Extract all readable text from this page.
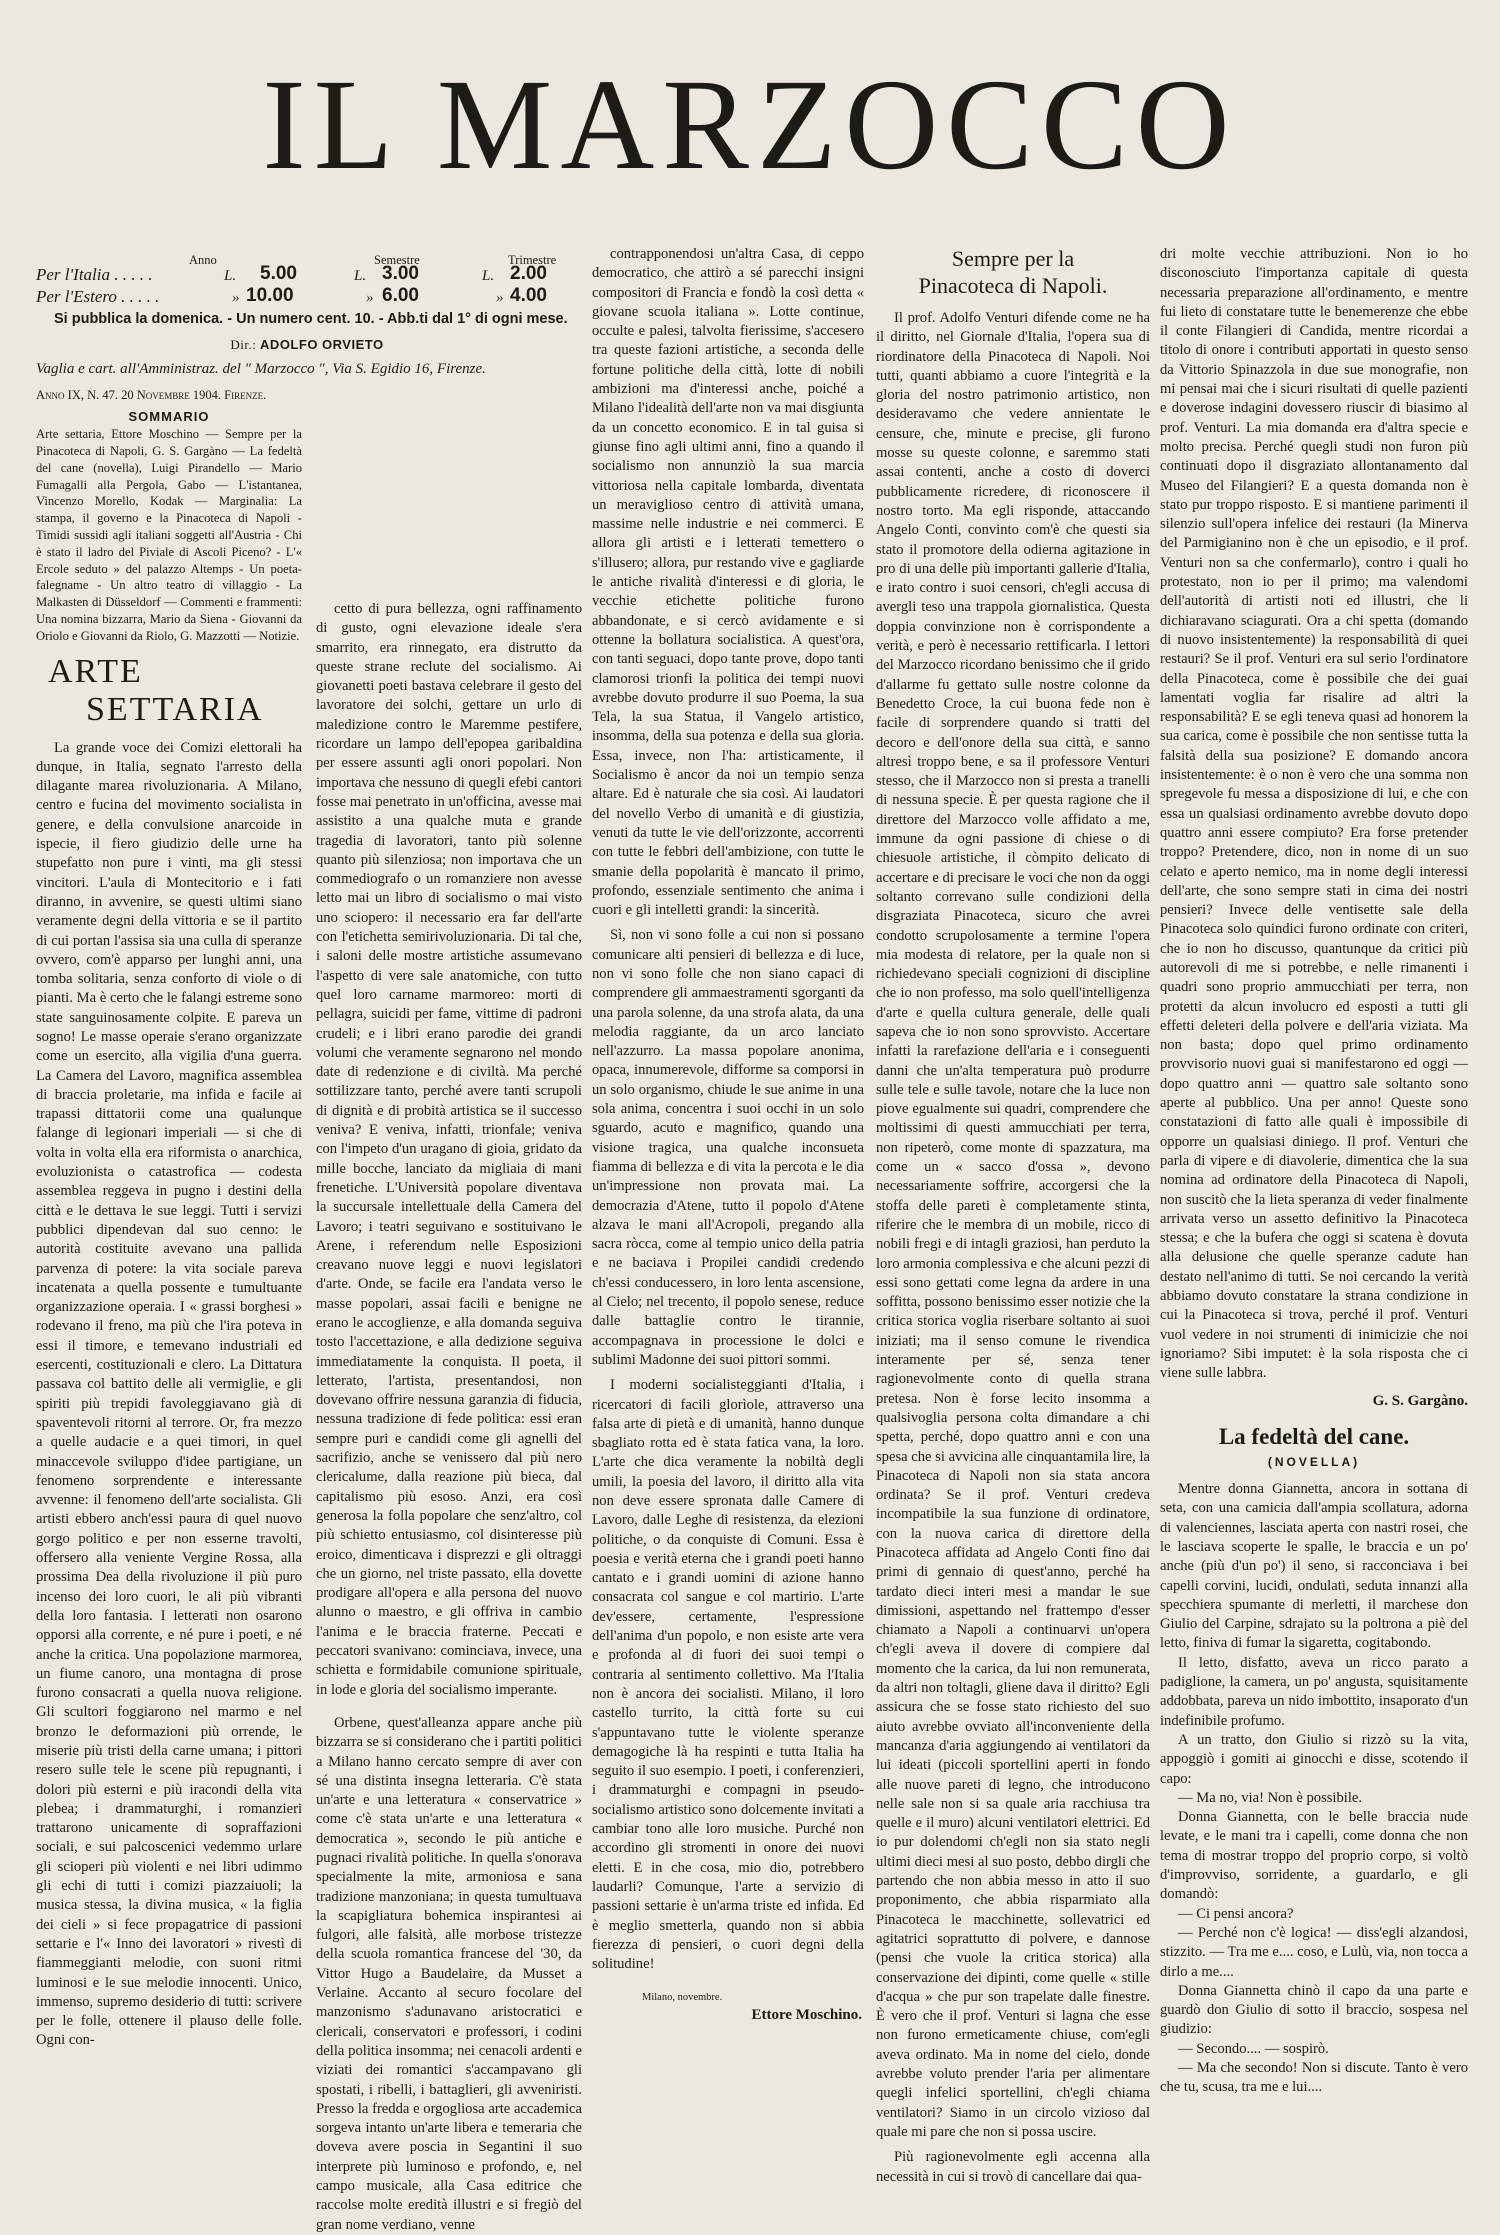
IL MARZOCCO
Anno	Semestre	Trimestre
Per l'Italia . . . . .	L. 5.00	L. 3.00	L. 2.00
Per l'Estero . . . . .	» 10.00	» 6.00	» 4.00
Si pubblica la domenica. - Un numero cent. 10. - Abb.ti dal 1° di ogni mese.
Dir.: ADOLFO ORVIETO
Vaglia e cart. all'Amministraz. del " Marzocco ", Via S. Egidio 16, Firenze.
Anno IX, N. 47. 20 Novembre 1904. Firenze.
SOMMARIO
Arte settaria, Ettore Moschino — Sempre per la Pinacoteca di Napoli, G. S. Gargàno — La fedeltà del cane (novella), Luigi Pirandello — Mario Fumagalli alla Pergola, Gabo — L'istantanea, Vincenzo Morello, Kodak — Marginalia: La stampa, il governo e la Pinacoteca di Napoli - Timidi sussidi agli italiani soggetti all'Austria - Chi è stato il ladro del Piviale di Ascoli Piceno? - L'« Ercole seduto » del palazzo Altemps - Un poeta-falegname - Un altro teatro di villaggio - La Malkasten di Düsseldorf — Commenti e frammenti: Una nomina bizzarra, Mario da Siena - Giovanni da Oriolo e Giovanni da Riolo, G. Mazzotti — Notizie.
ARTE
SETTARIA

La grande voce dei Comizi elettorali ha dunque, in Italia, segnato l'arresto della dilagante marea rivoluzionaria. A Milano, centro e fucina del movimento socialista in genere, e della convulsione anarcoide in ispecie, il fiero giudizio delle urne ha stupefatto non pure i vinti, ma gli stessi vincitori. L'aula di Montecitorio e i fati diranno, in avvenire, se questi ultimi siano veramente degni della vittoria e se il partito di cui portan l'assisa sia una culla di speranze ovvero, com'è apparso per lunghi anni, una tomba solitaria, senza conforto di viole o di pianti. Ma è certo che le falangi estreme sono state sanguinosamente colpite. E pareva un sogno! Le masse operaie s'erano organizzate come un esercito, alla vigilia d'una guerra. La Camera del Lavoro, magnifica assemblea di braccia proletarie, ma infida e facile ai trapassi dittatorii come una qualunque falange di legionari imperiali — si che di volta in volta ella era riformista o anarchica, evoluzionista o catastrofica — codesta assemblea reggeva in pugno i destini della città e le dettava le sue leggi. Tutti i servizi pubblici dipendevan dal suo cenno: le autorità costituite avevano una pallida parvenza di potere: la vita sociale pareva incatenata a quella possente e tumultuante organizzazione operaia. I « grassi borghesi » rodevano il freno, ma più che l'ira poteva in essi il timore, e temevano industriali ed esercenti, costituzionali e clero. La Dittatura passava col battito delle ali vermiglie, e gli spiriti più trepidi favoleggiavano già di spaventevoli ritorni al terrore. Or, fra mezzo a quelle audacie e a quei timori, in quel minaccevole sviluppo d'idee partigiane, un fenomeno sorprendente e interessante avvenne: il fenomeno dell'arte socialista. Gli artisti ebbero anch'essi paura di quel nuovo gorgo politico e per non esserne travolti, offersero alla veniente Vergine Rossa, alla prossima Dea della rivoluzione il più puro incenso dei loro cuori, le ali più vibranti della loro fantasia. I letterati non osarono opporsi alla corrente, e né pure i poeti, e né anche la critica. Una popolazione marmorea, un fiume canoro, una montagna di prose furono consacrati a quella nuova religione. Gli scultori foggiarono nel marmo e nel bronzo le deformazioni più orrende, le miserie più tristi della carne umana; i pittori resero sulle tele le scene più repugnanti, i dolori più esterni e più iracondi della vita plebea; i drammaturghi, i romanzieri trattarono unicamente di sopraffazioni sociali, e sui palcoscenici vedemmo urlare gli scioperi più violenti e nei libri udimmo gli echi di tutti i comizi piazzaiuoli; la musica stessa, la divina musica, « la figlia dei cieli » si fece propagatrice di passioni settarie e l'« Inno dei lavoratori » rivestì di fiammeggianti melodie, con suoni ritmi luminosi e le sue melodie innocenti. Unico, immenso, supremo desiderio di tutti: scrivere per le folle, ottenere il plauso delle folle. Ogni con-

cetto di pura bellezza, ogni raffinamento di gusto, ogni elevazione ideale s'era smarrito, era rinnegato, era distrutto da queste strane reclute del socialismo. Ai giovanetti poeti bastava celebrare il gesto del lavoratore dei solchi, gettare un urlo di maledizione contro le Maremme pestifere, ricordare un lampo dell'epopea garibaldina per essere assunti agli onori popolari. Non importava che nessuno di quegli efebi cantori fosse mai penetrato in un'officina, avesse mai assistito a una qualche muta e grande tragedia di lavoratori, tanto più solenne quanto più silenziosa; non importava che un commediografo o un romanziere non avesse letto mai un libro di socialismo o mai visto uno sciopero: il necessario era far dell'arte con l'etichetta semirivoluzionaria. Di tal che, i saloni delle mostre artistiche assumevano l'aspetto di vere sale anatomiche, con tutto quel loro carname marmoreo: morti di pellagra, suicidi per fame, vittime di padroni crudeli; e i libri erano parodie dei grandi volumi che veramente segnarono nel mondo date di redenzione e di civiltà. Ma perché sottilizzare tanto, perché avere tanti scrupoli di dignità e di probità artistica se il successo veniva? E veniva, infatti, trionfale; veniva con l'impeto d'un uragano di gioia, gridato da mille bocche, lanciato da migliaia di mani frenetiche. L'Università popolare diventava la succursale intellettuale della Camera del Lavoro; i teatri seguivano e sostituivano le Arene, i referendum nelle Esposizioni creavano nuove leggi e nuovi legislatori d'arte. Onde, se facile era l'andata verso le masse popolari, assai facili e benigne ne erano le accoglienze, e alla domanda seguiva tosto l'accettazione, e alla dedizione seguiva immediatamente la conquista. Il poeta, il letterato, l'artista, presentandosi, non dovevano offrire nessuna garanzia di fiducia, nessuna tradizione di fede politica: essi eran sempre puri e candidi come gli agnelli del sacrifizio, anche se venissero dal più nero clericalume, dalla reazione più bieca, dal capitalismo più esoso. Anzi, era così generosa la folla popolare che senz'altro, col più schietto entusiasmo, col disinteresse più eroico, dimenticava i disprezzi e gli oltraggi che un giorno, nel triste passato, ella dovette prodigare all'opera e alla persona del nuovo alunno o maestro, e gli offriva in cambio l'anima e le braccia fraterne. Peccati e peccatori svanivano: cominciava, invece, una schietta e formidabile comunione spirituale, in lode e gloria del socialismo imperante.

Orbene, quest'alleanza appare anche più bizzarra se si considerano che i partiti politici a Milano hanno cercato sempre di aver con sé una distinta insegna letteraria. C'è stata un'arte e una letteratura « conservatrice » come c'è stata un'arte e una letteratura « democratica », secondo le più antiche e pugnaci rivalità politiche. In quella s'onorava specialmente la mite, armoniosa e sana tradizione manzoniana; in questa tumultuava la scapigliatura bohemica inspirantesi ai fulgori, alle falsità, alle morbose tristezze della scuola romantica francese del '30, da Vittor Hugo a Baudelaire, da Musset a Verlaine. Accanto al securo focolare del manzonismo s'adunavano aristocratici e clericali, conservatori e professori, i codini della politica insomma; nei cenacoli ardenti e viziati dei romantici s'accampavano gli spostati, i ribelli, i battaglieri, gli avveniristi. Presso la fredda e orgogliosa arte accademica sorgeva intanto un'arte libera e temeraria che doveva avere poscia in Segantini il suo interprete più luminoso e profondo, e, nel campo musicale, alla Casa editrice che raccolse molte eredità illustri e si fregiò del gran nome verdiano, venne

contrapponendosi un'altra Casa, di ceppo democratico, che attirò a sé parecchi insigni compositori di Francia e fondò la così detta « giovane scuola italiana ». Lotte continue, occulte e palesi, talvolta fierissime, s'accesero tra queste fazioni artistiche, a seconda delle fortune politiche della città, lotte di nobili ambizioni ma d'interessi anche, poiché a Milano l'idealità dell'arte non va mai disgiunta da un concetto economico. E in tal guisa si giunse fino agli ultimi anni, fino a quando il socialismo non annunziò la sua marcia vittoriosa nella capitale lombarda, diventata un meraviglioso centro di attività umana, massime nelle industrie e nei commerci. E allora gli artisti e i letterati temettero o s'illusero; allora, pur restando vive e gagliarde le antiche rivalità d'interessi e di gloria, le vecchie etichette politiche furono abbandonate, e si cercò avidamente e si ottenne la bollatura socialistica. A quest'ora, con tanti seguaci, dopo tante prove, dopo tanti clamorosi trionfi la politica dei tempi nuovi avrebbe dovuto produrre il suo Poema, la sua Tela, la sua Statua, il Vangelo artistico, insomma, della sua potenza e della sua gloria. Essa, invece, non l'ha: artisticamente, il Socialismo è ancor da noi un tempio senza altare. Ed è naturale che sia così. Ai laudatori del novello Verbo di umanità e di giustizia, venuti da tutte le vie dell'orizzonte, accorrenti con tutte le febbri dell'ambizione, con tutte le smanie della popolarità è mancato il primo, profondo, essenziale sentimento che anima i cuori e gli intelletti grandi: la sincerità.

Sì, non vi sono folle a cui non si possano comunicare alti pensieri di bellezza e di luce, non vi sono folle che non siano capaci di comprendere gli ammaestramenti sgorganti da una parola solenne, da una strofa alata, da una melodia raggiante, da un arco lanciato nell'azzurro. La massa popolare anonima, opaca, innumerevole, difforme sa comporsi in un solo organismo, chiude le sue anime in una sola anima, concentra i suoi occhi in un solo sguardo, acuto e magnifico, quando una visione tragica, una qualche inconsueta fiamma di bellezza e di vita la percota e le dia un'impressione non provata mai. La democrazia d'Atene, tutto il popolo d'Atene alzava le mani all'Acropoli, pregando alla sacra ròcca, come al tempio unico della patria e ne baciava i Propilei candidi credendo ch'essi conducessero, in loro lenta ascensione, al Cielo; nel trecento, il popolo senese, reduce dalle battaglie contro le tirannie, accompagnava in processione le dolci e sublimi Madonne dei suoi pittori sommi.

I moderni socialisteggianti d'Italia, i ricercatori di facili glorìole, attraverso una falsa arte di pietà e di umanità, hanno dunque sbagliato rotta ed è stata fatica vana, la loro. L'arte che dica veramente la nobiltà degli umili, la poesia del lavoro, il diritto alla vita non deve essere spronata dalle Camere di Lavoro, dalle Leghe di resistenza, da elezioni politiche, o da conquiste di Comuni. Essa è poesia e verità eterna che i grandi poeti hanno cantato e i grandi uomini di azione hanno consacrata col sangue e col martirio. L'arte dev'essere, certamente, l'espressione dell'anima d'un popolo, e non esiste arte vera e profonda al di fuori dei suoi tempi o contraria al sentimento collettivo. Ma l'Italia non è ancora dei socialisti. Milano, il loro castello turrito, la città forte su cui s'appuntavano tutte le violente speranze demagogiche là ha respinti e tutta Italia ha seguito il suo esempio. I poeti, i conferenzieri, i drammaturghi e compagni in pseudo-socialismo artistico sono dolcemente invitati a cambiar tono alle loro musiche. Purché non accordino gli stromenti in onore dei nuovi eletti. E in che cosa, mio dio, potrebbero laudarli? Comunque, l'arte a servizio di passioni settarie è un'arma triste ed infida. Ed è meglio smetterla, quando non si abbia fierezza di pensieri, o cuori degni della solitudine!

Milano, novembre.
Ettore Moschino.
Sempre per la
Pinacoteca di Napoli.

Il prof. Adolfo Venturi difende come ne ha il diritto, nel Giornale d'Italia, l'opera sua di riordinatore della Pinacoteca di Napoli. Noi tutti, quanti abbiamo a cuore l'integrità e la gloria del nostro patrimonio artistico, non desideravamo che vedere annientate le censure, che, minute e precise, gli furono mosse su queste colonne, e saremmo stati assai contenti, anche a costo di doverci pubblicamente ricredere, di riconoscere il nostro torto. Ma egli risponde, attaccando Angelo Conti, convinto com'è che questi sia stato il promotore della odierna agitazione in pro di una delle più importanti gallerie d'Italia, e irato contro i suoi censori, ch'egli accusa di avergli teso una trappola giornalistica. Questa doppia convinzione non è corrispondente a verità, e però è necessario rettificarla. I lettori del Marzocco ricordano benissimo che il grido d'allarme fu gettato sulle nostre colonne da Benedetto Croce, la cui buona fede non è facile di sorprendere quando si tratti del decoro e dell'onore della sua città, e sanno altresì troppo bene, e sa il professore Venturi stesso, che il Marzocco non si presta a tranelli di nessuna specie. È per questa ragione che il direttore del Marzocco volle affidato a me, immune da ogni passione di chiese o di chiesuole artistiche, il còmpito delicato di accertare e di precisare le voci che non da oggi soltanto correvano sulle condizioni della disgraziata Pinacoteca, sicuro che avrei condotto scrupolosamente a termine l'opera mia modesta di relatore, per la quale non si richiedevano speciali cognizioni di discipline che io non professo, ma solo quell'intelligenza d'arte e quella cultura generale, delle quali sapeva che io non sono sprovvisto. Accertare infatti la rarefazione dell'aria e i conseguenti danni che un'alta temperatura può produrre sulle tele e sulle tavole, notare che la luce non piove egualmente sui quadri, comprendere che moltissimi di questi ammucchiati per terra, non ripeterò, come monte di spazzatura, ma come un « sacco d'ossa », devono necessariamente soffrire, accorgersi che la stoffa delle pareti è completamente stinta, riferire che le membra di un mobile, ricco di nobili fregi e di intagli graziosi, han perduto la loro armonia complessiva e che alcuni pezzi di essi sono gettati come legna da ardere in una soffitta, possono benissimo esser notizie che la critica storica voglia riserbare soltanto ai suoi iniziati; ma il senso comune le rivendica interamente per sé, senza tener ragionevolmente conto di quella strana pretesa. Non è forse lecito insomma a qualsivoglia persona colta dimandare a chi spetta, perché, dopo quattro anni e con una spesa che si avvicina alle cinquantamila lire, la Pinacoteca di Napoli non sia stata ancora ordinata? Se il prof. Venturi credeva incompatibile la sua funzione di ordinatore, con la nuova carica di direttore della Pinacoteca affidata ad Angelo Conti fino dai primi di gennaio di quest'anno, perché ha tardato dieci interi mesi a mandar le sue dimissioni, aspettando nel frattempo d'esser chiamato a Napoli a continuarvi un'opera ch'egli aveva il dovere di compiere dal momento che la carica, da lui non remunerata, da altri non toltagli, gliene dava il diritto? Egli assicura che se fosse stato richiesto del suo aiuto avrebbe ovviato all'inconveniente della mancanza d'aria aggiungendo ai ventilatori da lui ideati (piccoli sportellini aperti in fondo alle nuove pareti di legno, che introducono nelle sale non si sa quale aria racchiusa tra quelle e il muro) alcuni ventilatori elettrici. Ed io pur dolendomi ch'egli non sia stato negli ultimi dieci mesi al suo posto, debbo dirgli che partendo che non abbia messo in atto il suo proponimento, che abbia risparmiato alla Pinacoteca le macchinette, sollevatrici ed agitatrici soprattutto di polvere, e dannose (pensi che vuole la critica storica) alla conservazione dei dipinti, come quelle « stille d'acqua » che pur son trapelate dalle finestre. È vero che il prof. Venturi si lagna che esse non furono ermeticamente chiuse, com'egli aveva ordinato. Ma in nome del cielo, donde avrebbe voluto prender l'aria per alimentare quegli infelici sportellini, ch'egli chiama ventilatori? Siamo in un circolo vizioso dal quale mi pare che non si possa uscire.

Più ragionevolmente egli accenna alla necessità in cui si trovò di cancellare dai qua-

dri molte vecchie attribuzioni. Non io ho disconosciuto l'importanza capitale di questa necessaria preparazione all'ordinamento, e mentre fui lieto di constatare tutte le benemerenze che ebbe il conte Filangieri di Candida, mentre ricordai a titolo di onore i contributi apportati in questo senso da Vittorio Spinazzola in due sue monografie, non mi pensai mai che i sicuri risultati di quelle pazienti e doverose indagini dovessero riuscir di biasimo al prof. Venturi. La mia domanda era d'altra specie e molto precisa. Perché quegli studi non furon più continuati dopo il disgraziato allontanamento dal Museo del Filangieri? E a questa domanda non è stato pur troppo risposto. E si mantiene parimenti il silenzio sull'opera infelice dei restauri (la Minerva del Parmigianino non è che un episodio, e il prof. Venturi non sa che confermarlo), contro i quali ho protestato, non io per il primo; ma valendomi dell'autorità di artisti noti ed illustri, che li dichiaravano sciagurati. Ora a chi spetta (domando di nuovo insistentemente) la responsabilità di quei restauri? Se il prof. Venturi era sul serio l'ordinatore della Pinacoteca, come è possibile che dei guai lamentati voglia far risalire ad altri la responsabilità? E se egli teneva quasi ad honorem la sua carica, come è possibile che non sentisse tutta la falsità della sua posizione? E domando ancora insistentemente: è o non è vero che una somma non spregevole fu messa a disposizione di lui, e che con essa un qualsiasi ordinamento avrebbe dovuto dopo quattro anni essere compiuto? Era forse pretender troppo? Pretendere, dico, non in nome di un suo celato e aperto nemico, ma in nome degli interessi dell'arte, che sono sempre stati in cima dei nostri pensieri? Invece delle ventisette sale della Pinacoteca solo quindici furono ordinate con criteri, che io non ho discusso, quantunque da critici più autorevoli di me si potrebbe, e nelle rimanenti i quadri sono proprio ammucchiati per terra, non protetti da alcun involucro ed esposti a tutti gli effetti deleteri della polvere e dell'aria viziata. Ma non basta; dopo quel primo ordinamento provvisorio nuovi guai si manifestarono ed oggi — dopo quattro anni — quattro sale soltanto sono aperte al pubblico. Una per anno! Queste sono constatazioni di fatto alle quali è impossibile di opporre un qualsiasi diniego. Il prof. Venturi che parla di vipere e di diavolerie, dimentica che la sua nomina ad ordinatore della Pinacoteca di Napoli, non suscitò che la lieta speranza di veder finalmente arrivata verso un assetto definitivo la Pinacoteca stessa; e che la bufera che oggi si scatena è dovuta alla delusione che quelle speranze cadute han destato nell'animo di tutti. Se noi cercando la verità abbiamo dovuto constatare la strana condizione in cui la Pinacoteca si trova, perché il prof. Venturi vuol vedere in noi strumenti di inimicizie che noi ignoriamo? Sibi imputet: è la sola risposta che ci viene sulle labbra.

G. S. Gargàno.
La fedeltà del cane.
(NOVELLA)

Mentre donna Giannetta, ancora in sottana di seta, con una camicia dall'ampia scollatura, adorna di valenciennes, lasciata aperta con nastri rosei, che le lasciava scoperte le spalle, le braccia e un po' anche (più d'un po') il seno, si racconciava i bei capelli corvini, lucidi, ondulati, seduta innanzi alla specchiera spumante di merletti, il marchese don Giulio del Carpine, sdrajato su la poltrona a piè del letto, finiva di fumar la sigaretta, cogitabondo.

Il letto, disfatto, aveva un ricco parato a padiglione, la camera, un po' angusta, squisitamente addobbata, pareva un nido imbottito, insaporato d'un indefinibile profumo.

A un tratto, don Giulio si rizzò su la vita, appoggiò i gomiti ai ginocchi e disse, scotendo il capo:

— Ma no, via! Non è possibile.

Donna Giannetta, con le belle braccia nude levate, e le mani tra i capelli, come donna che non tema di mostrar troppo del proprio corpo, si voltò d'improvviso, sorridente, a guardarlo, e gli domandò:

— Ci pensi ancora?

— Perché non c'è logica! — diss'egli alzandosi, stizzito. — Tra me e.... coso, e Lulù, via, non tocca a dirlo a me....

Donna Giannetta chinò il capo da una parte e guardò don Giulio di sotto il braccio, sospesa nel giudizio:

— Secondo.... — sospirò.

— Ma che secondo! Non si discute. Tanto è vero che tu, scusa, tra me e lui....
